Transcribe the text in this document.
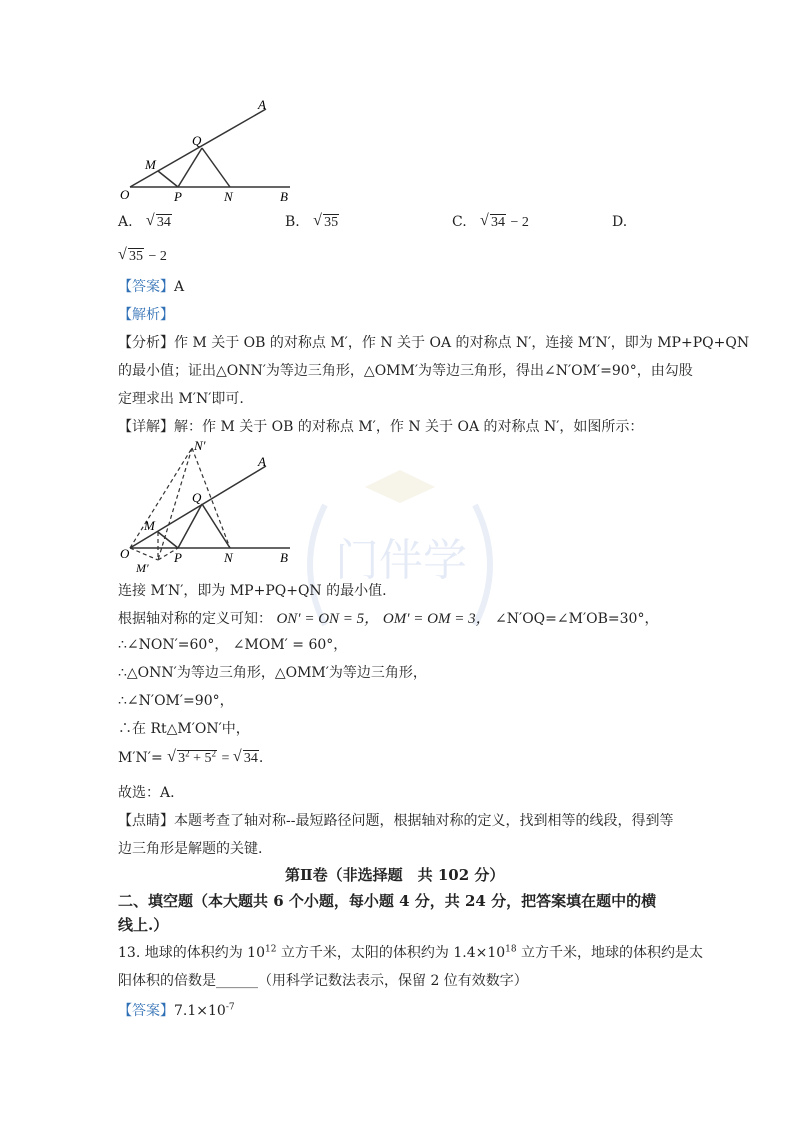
门伴学
A
Q
M
O	P	N	B
A. √ 34	B. √ 35	C. √ 34 − 2	D.
√ 35 − 2
【答案】A
【解析】
【分析】作 M 关于 OB 的对称点 M′，作 N 关于 OA 的对称点 N′，连接 M′N′，即为 MP+PQ+QN
的最小值；证出△ONN′为等边三角形，△OMM′为等边三角形，得出∠N′OM′=90°，由勾股
定理求出 M′N′即可.
【详解】解：作 M 关于 OB 的对称点 M′，作 N 关于 OA 的对称点 N′，如图所示：
N′
A
Q
M
O	P	N	B
M′
连接 M′N′，即为 MP+PQ+QN 的最小值.
根据轴对称的定义可知： ON′ = ON = 5， OM′ = OM = 3， ∠N′OQ=∠M′OB=30°，
∴∠NON′=60°， ∠MOM′ = 60°，
∴△ONN′为等边三角形，△OMM′为等边三角形，
∴∠N′OM′=90°，
∴在 Rt△M′ON′中，
M′N′= √ $3^2 + 5^2$ = √ 34.
故选：A.
【点睛】本题考查了轴对称--最短路径问题，根据轴对称的定义，找到相等的线段，得到等
边三角形是解题的关键.
第Ⅱ卷（非选择题　共 102 分）
二、填空题（本大题共 6 个小题，每小题 4 分，共 24 分，把答案填在题中的横
线上.）
13. 地球的体积约为 $10^{12}$ 立方千米，太阳的体积约为 $1.4\times 10^{18}$ 立方千米，地球的体积约是太
阳体积的倍数是______（用科学记数法表示，保留 2 位有效数字）
【答案】$7.1\times 10^{-7}$
